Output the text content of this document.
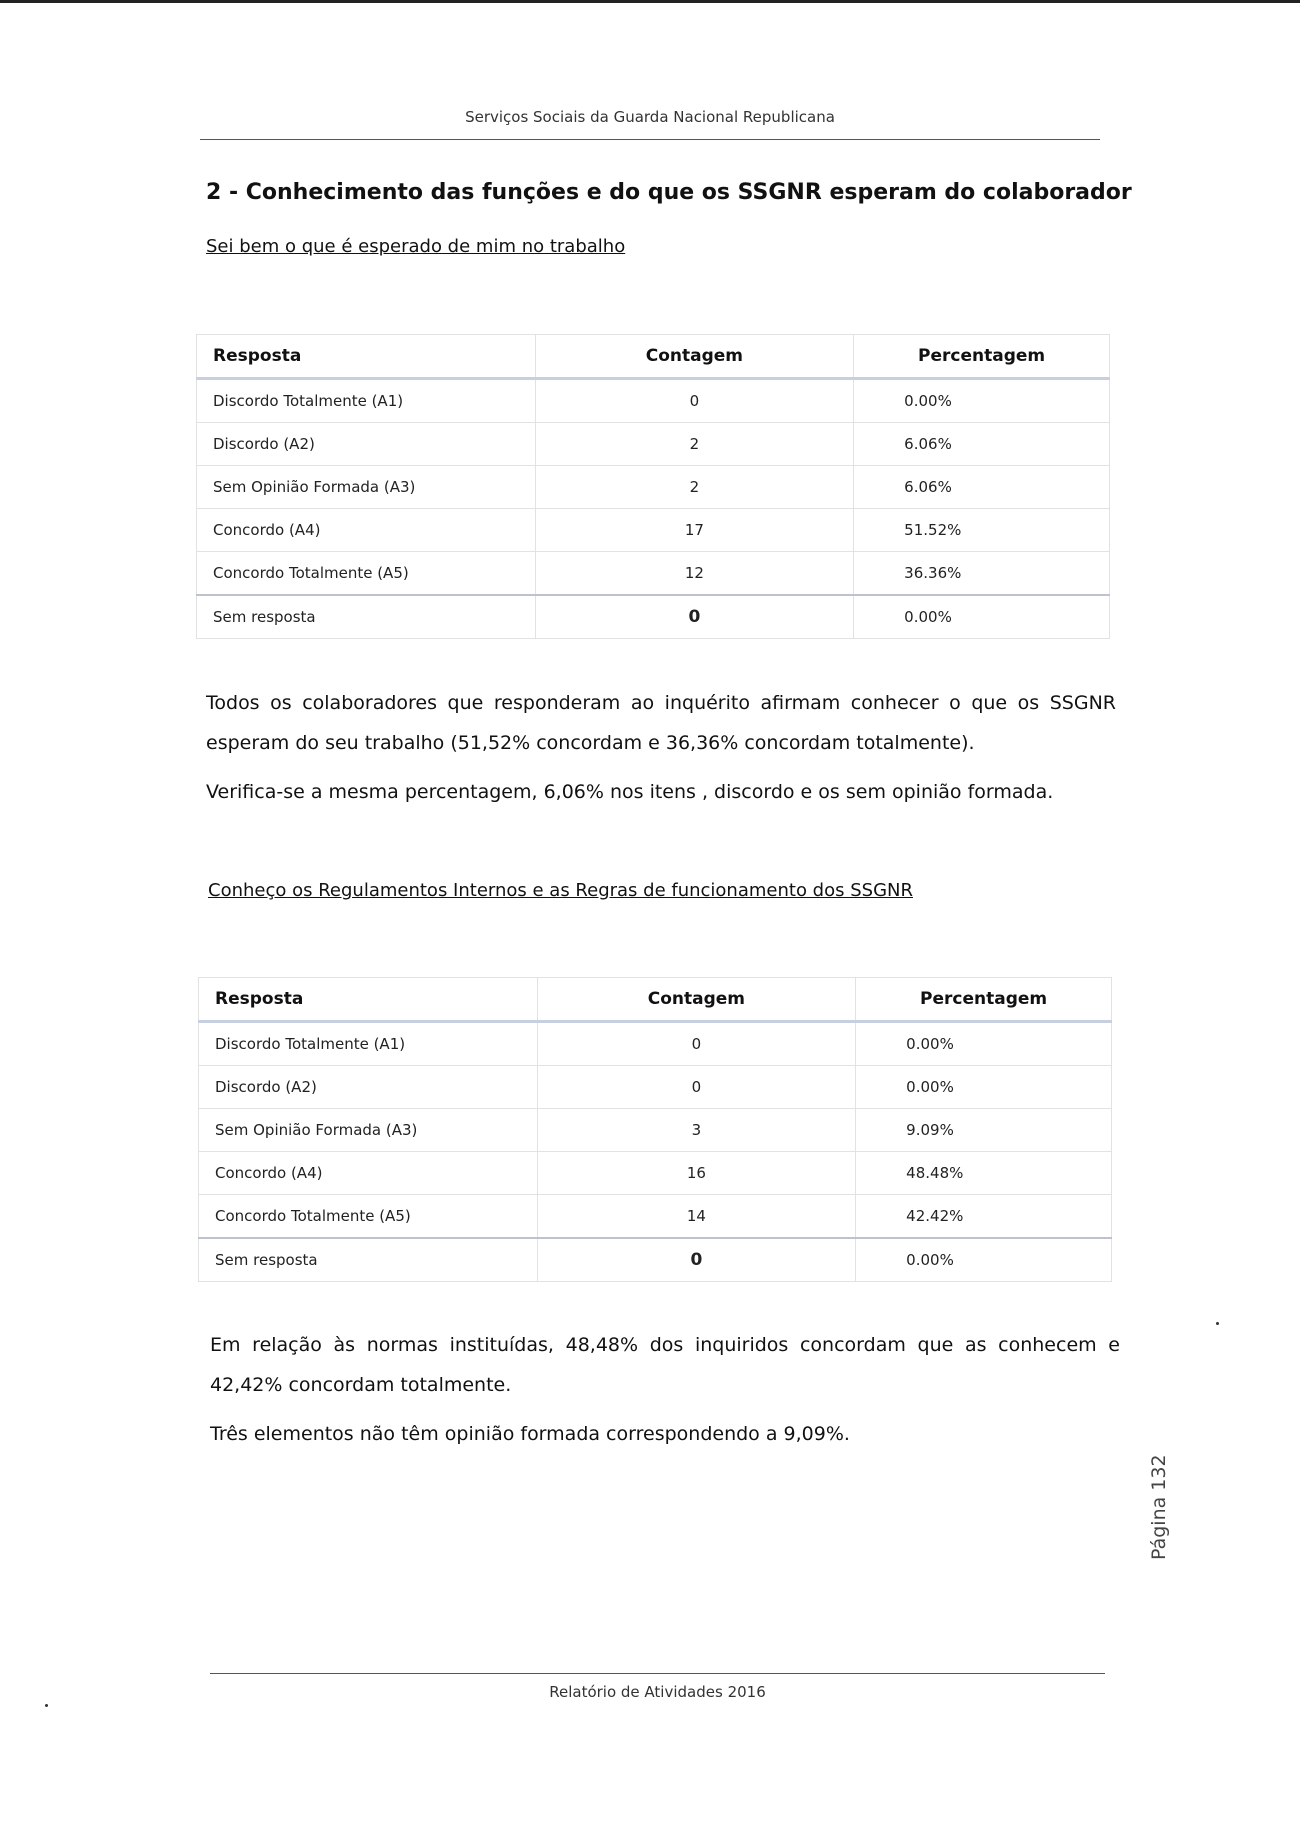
Serviços Sociais da Guarda Nacional Republicana
2 - Conhecimento das funções e do que os SSGNR esperam do colaborador
Sei bem o que é esperado de mim no trabalho
Resposta	Contagem	Percentagem
Discordo Totalmente (A1)	0	0.00%
Discordo (A2)	2	6.06%
Sem Opinião Formada (A3)	2	6.06%
Concordo (A4)	17	51.52%
Concordo Totalmente (A5)	12	36.36%
Sem resposta	0	0.00%
Todos os colaboradores que responderam ao inquérito afirmam conhecer o que os SSGNR esperam do seu trabalho (51,52% concordam e 36,36% concordam totalmente).
Verifica-se a mesma percentagem, 6,06% nos itens , discordo e os sem opinião formada.
Conheço os Regulamentos Internos e as Regras de funcionamento dos SSGNR
Resposta	Contagem	Percentagem
Discordo Totalmente (A1)	0	0.00%
Discordo (A2)	0	0.00%
Sem Opinião Formada (A3)	3	9.09%
Concordo (A4)	16	48.48%
Concordo Totalmente (A5)	14	42.42%
Sem resposta	0	0.00%
Em relação às normas instituídas, 48,48% dos inquiridos concordam que as conhecem e 42,42% concordam totalmente.
Três elementos não têm opinião formada correspondendo a 9,09%.
Página 132
Relatório de Atividades 2016
